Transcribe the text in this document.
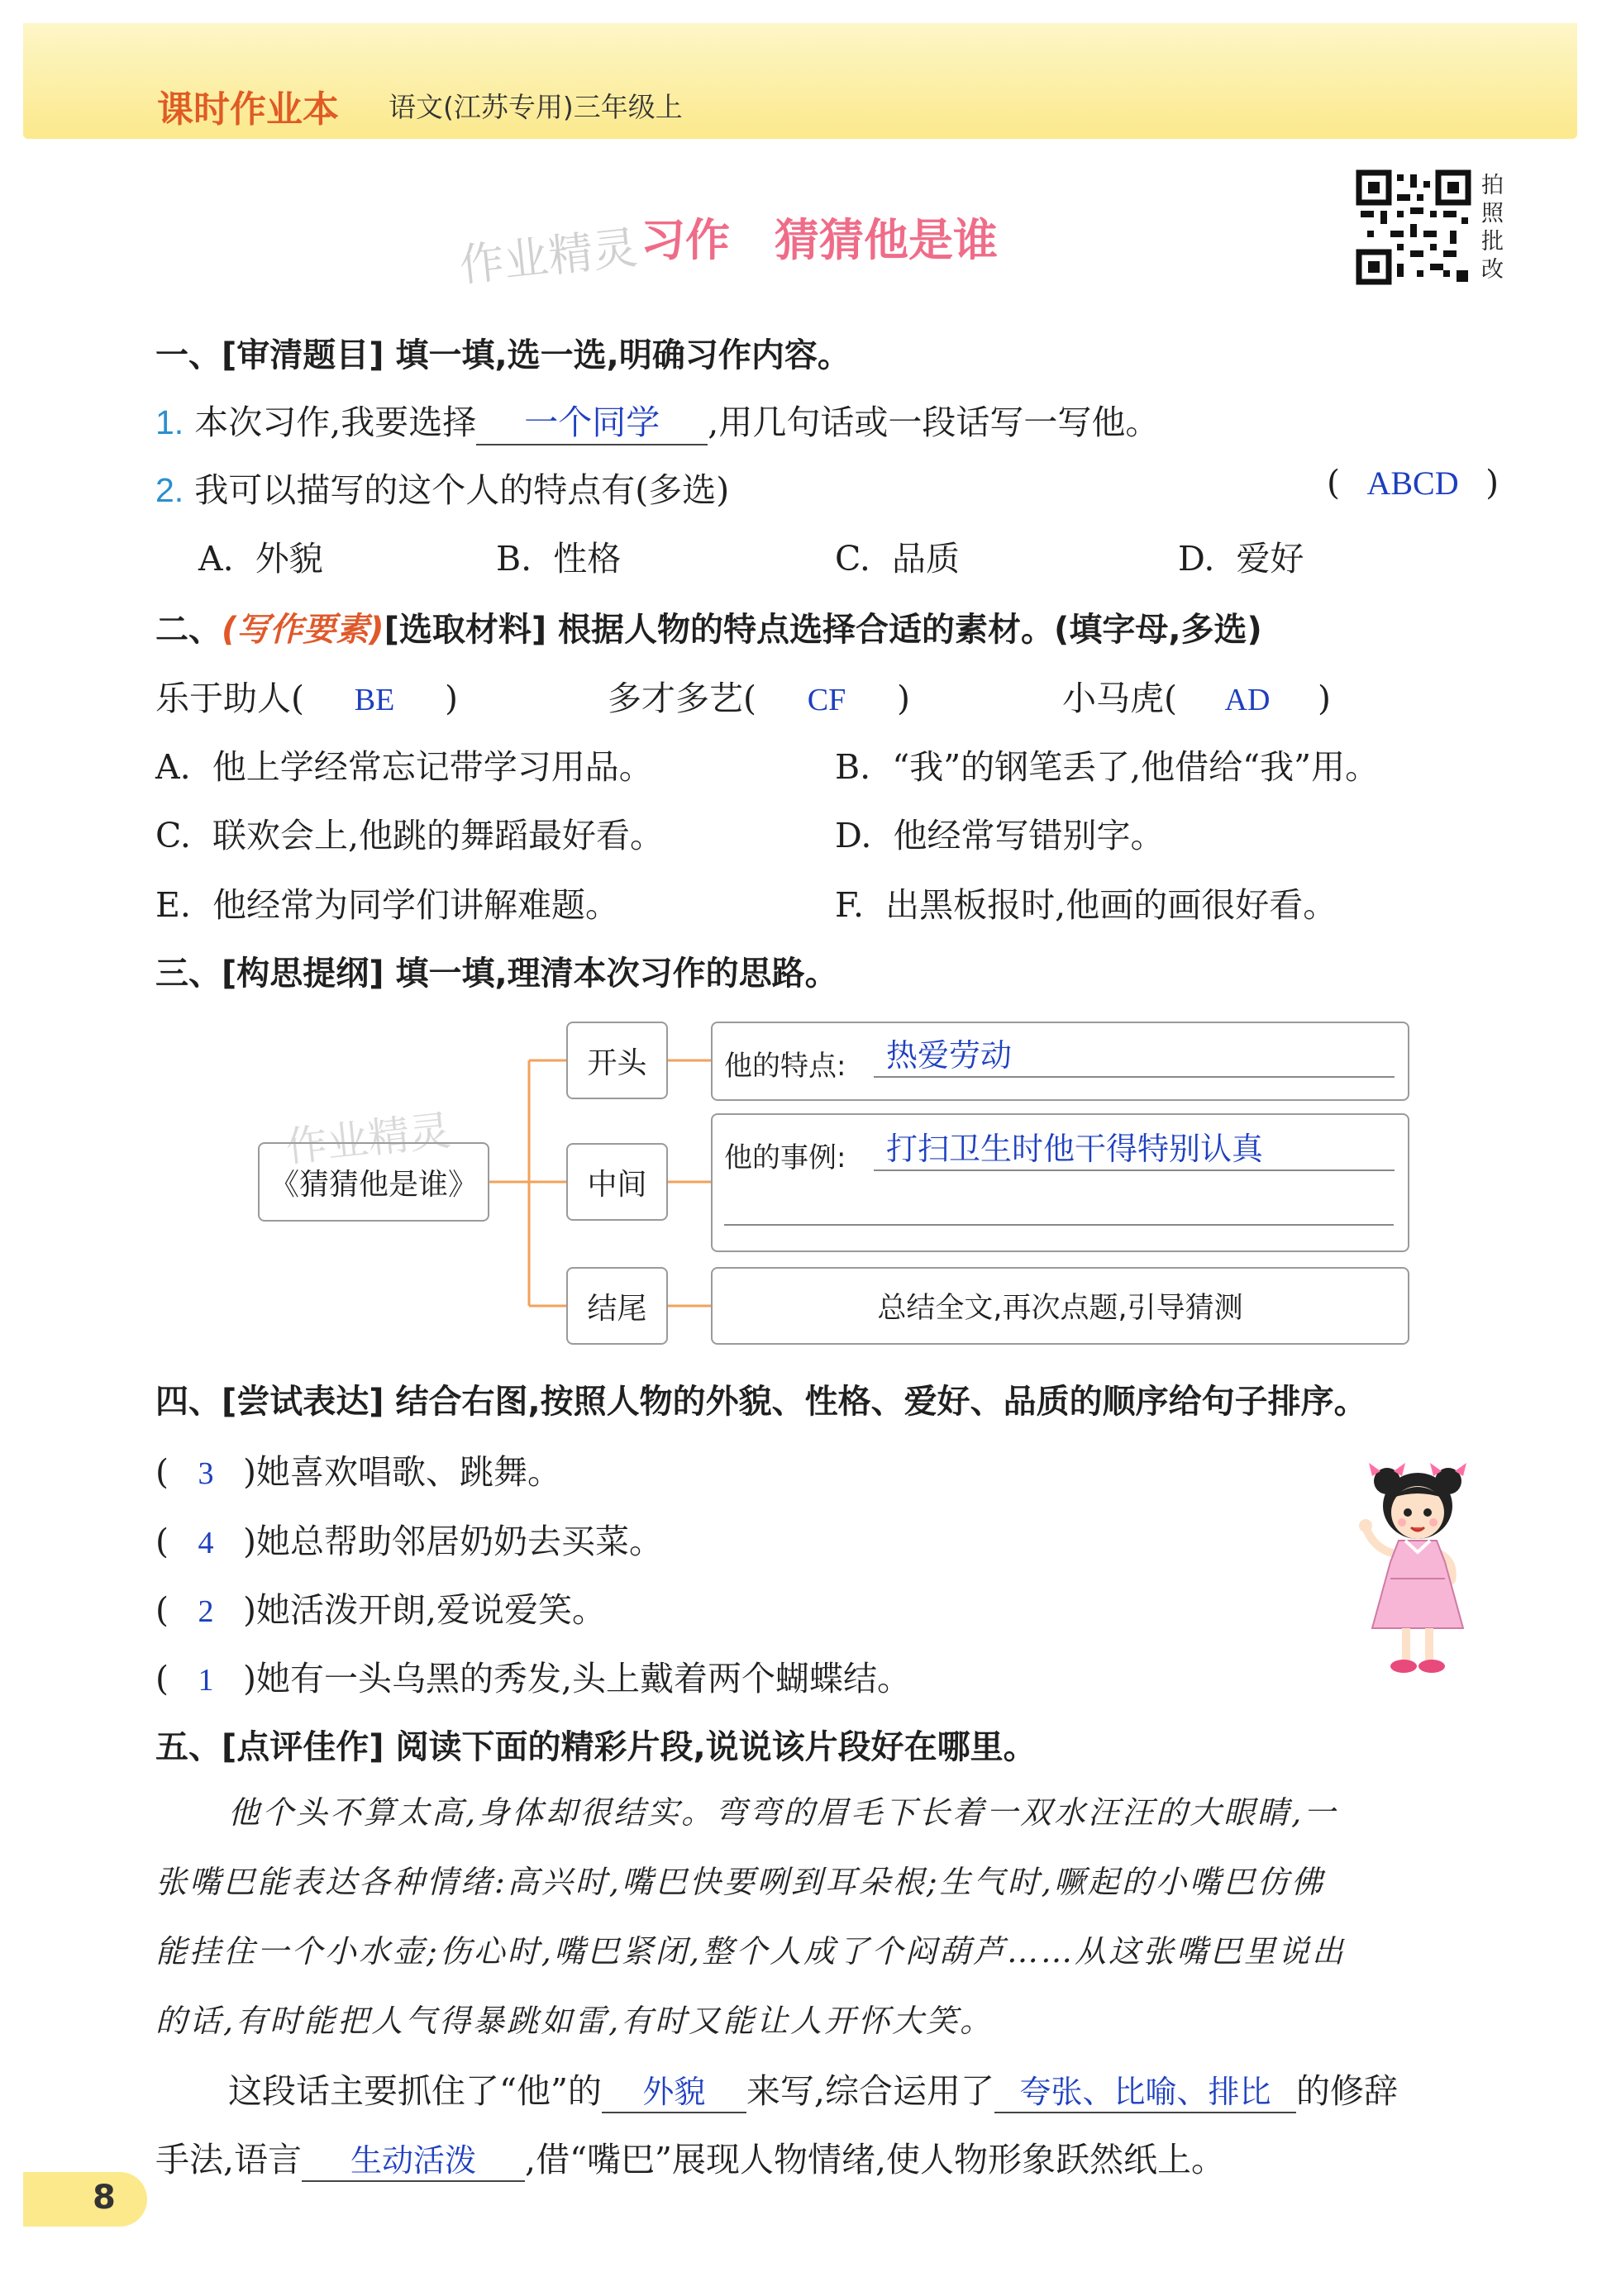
课时作业本 语文(江苏专用)三年级上
习作　猜猜他是谁
作业精灵
拍照批改
一、[审清题目] 填一填,选一选,明确习作内容。
1. 本次习作,我要选择 一个同学 ,用几句话或一段话写一写他。
2. 我可以描写的这个人的特点有(多选)	( ABCD )
A.  外貌	B.  性格	C.  品质	D.  爱好
二、(写作要素)[选取材料] 根据人物的特点选择合适的素材。(填字母,多选)
乐于助人( BE )	多才多艺( CF )	小马虎( AD )
A.  他上学经常忘记带学习用品。	B.  “我”的钢笔丢了,他借给“我”用。
C.  联欢会上,他跳的舞蹈最好看。	D.  他经常写错别字。
E.  他经常为同学们讲解难题。	F.  出黑板报时,他画的画很好看。
三、[构思提纲] 填一填,理清本次习作的思路。
《猜猜他是谁》
作业精灵
开头
中间
结尾
他的特点: 热爱劳动
他的事例: 打扫卫生时他干得特别认真
总结全文,再次点题,引导猜测
四、[尝试表达] 结合右图,按照人物的外貌、性格、爱好、品质的顺序给句子排序。
( 3 )她喜欢唱歌、跳舞。
( 4 )她总帮助邻居奶奶去买菜。
( 2 )她活泼开朗,爱说爱笑。
( 1 )她有一头乌黑的秀发,头上戴着两个蝴蝶结。
五、[点评佳作] 阅读下面的精彩片段,说说该片段好在哪里。
他个头不算太高,身体却很结实。弯弯的眉毛下长着一双水汪汪的大眼睛,一
张嘴巴能表达各种情绪:高兴时,嘴巴快要咧到耳朵根;生气时,噘起的小嘴巴仿佛
能挂住一个小水壶;伤心时,嘴巴紧闭,整个人成了个闷葫芦……从这张嘴巴里说出
的话,有时能把人气得暴跳如雷,有时又能让人开怀大笑。
这段话主要抓住了“他”的 外貌 来写,综合运用了 夸张、比喻、排比 的修辞
手法,语言 生动活泼 ,借“嘴巴”展现人物情绪,使人物形象跃然纸上。
8
